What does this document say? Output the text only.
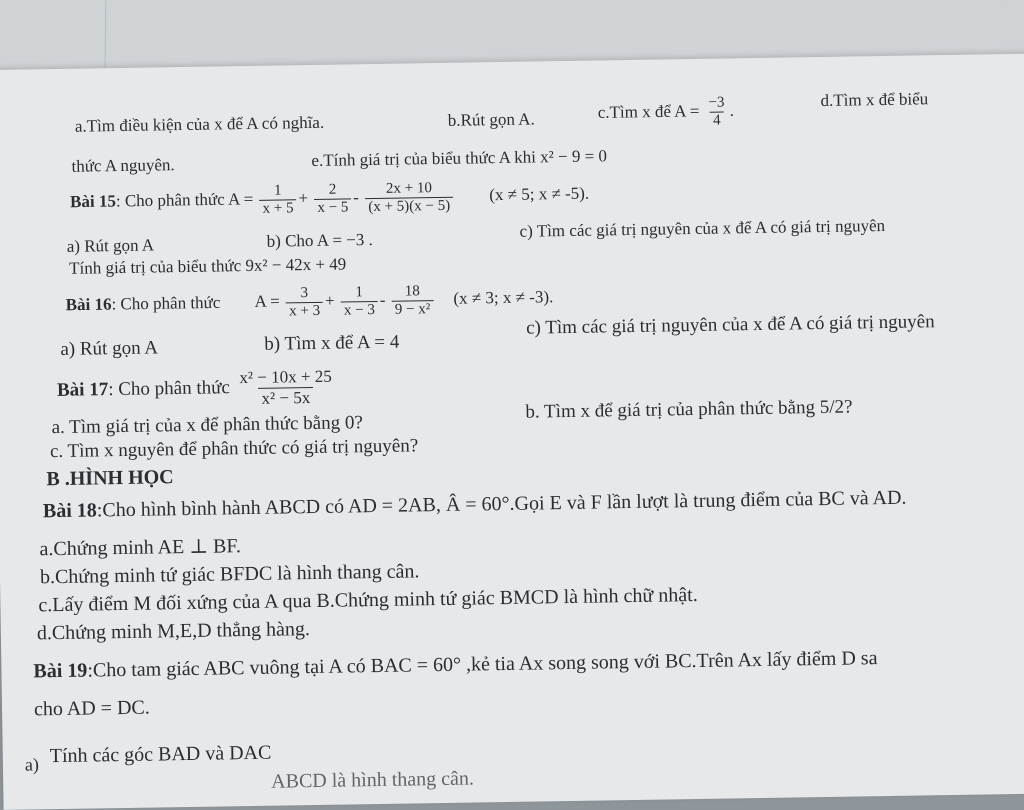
a.Tìm điều kiện của x để A có nghĩa.	b.Rút gọn A.	c.Tìm x để $A = \frac{-3}{4}$ .
d.Tìm x để biểu
thức A nguyên.	e.Tính giá trị của biểu thức A khi x² − 9 = 0
Bài 15: Cho phân thức $A = \frac{1}{x + 5} + \frac{2}{x - 5} - \frac{2x + 10}{(x + 5)(x - 5)} (x \ne 5$; x ≠ -5).
a) Rút gọn A	b) Cho A = −3 .	c) Tìm các giá trị nguyên của x để A có giá trị nguyên
Tính giá trị của biểu thức 9x² − 42x + 49
Bài 16: Cho phân thức $A = \frac{3}{x + 3} + \frac{1}{x - 3} - \frac{18}{\text{9 − x²}} (x \ne 3$; x ≠ -3).
a) Rút gọn A	b) Tìm x để A = 4
c) Tìm các giá trị nguyên của x để A có giá trị nguyên
Bài 17: Cho phân thức $\frac{\text{x² − 10x + 25}}{\text{x² − 5x}}$
a. Tìm giá trị của x để phân thức bằng 0?
b. Tìm x để giá trị của phân thức bằng 5/2?
c. Tìm x nguyên để phân thức có giá trị nguyên?
B .HÌNH HỌC
Bài 18:Cho hình bình hành ABCD có AD = 2AB, Â = 60°.Gọi E và F lần lượt là trung điểm của BC và AD.
a.Chứng minh AE ⊥ BF.
b.Chứng minh tứ giác BFDC là hình thang cân.
c.Lấy điểm M đối xứng của A qua B.Chứng minh tứ giác BMCD là hình chữ nhật.
d.Chứng minh M,E,D thẳng hàng.
Bài 19:Cho tam giác ABC vuông tại A có BAC = 60° ,kẻ tia Ax song song với BC.Trên Ax lấy điểm D sa
cho AD = DC.
a) Tính các góc BAD và DAC
ABCD là hình thang cân.
